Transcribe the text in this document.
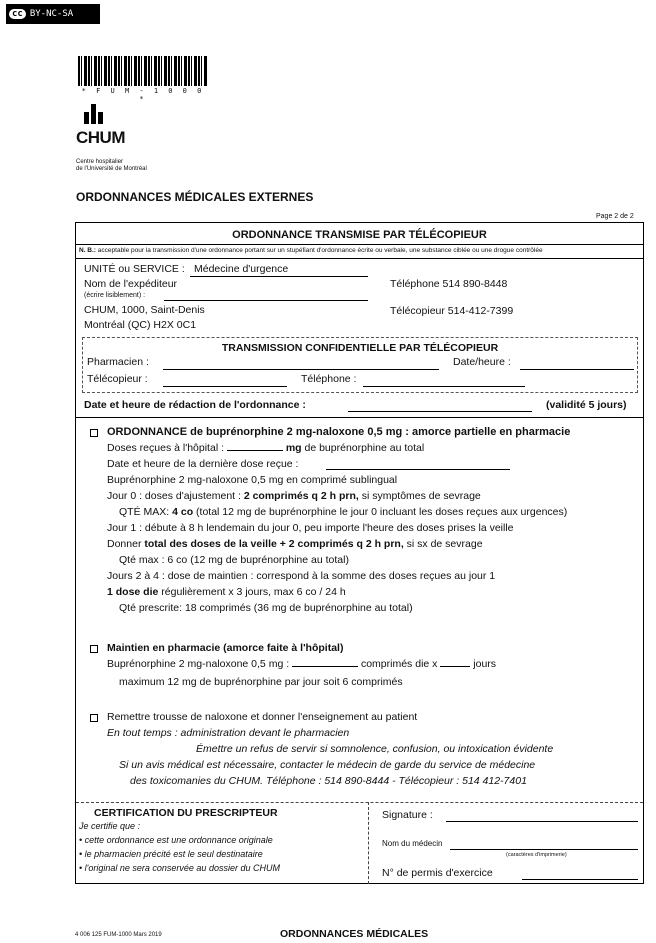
cc BY-NC-SA
* F U M - 1 0 0 0 *
CHUM
Centre hospitalier
de l'Université de Montréal
ORDONNANCES MÉDICALES EXTERNES
Page 2 de 2
ORDONNANCE TRANSMISE PAR TÉLÉCOPIEUR
N. B.: acceptable pour la transmission d'une ordonnance portant sur un stupéfiant d'ordonnance écrite ou verbale, une substance ciblée ou une drogue contrôlée
UNITÉ ou SERVICE : Médecine d'urgence
Nom de l'expéditeur
(écrire lisiblement) :
CHUM, 1000, Saint-Denis
Montréal (QC) H2X 0C1
Téléphone 514 890-8448
Télécopieur 514-412-7399
TRANSMISSION CONFIDENTIELLE PAR TÉLÉCOPIEUR
Pharmacien :	Date/heure :
Télécopieur :	Téléphone :
Date et heure de rédaction de l'ordonnance :	(validité 5 jours)
ORDONNANCE de buprénorphine 2 mg-naloxone 0,5 mg : amorce partielle en pharmacie
Doses reçues à l'hôpital :	mg de buprénorphine au total
Date et heure de la dernière dose reçue :
Buprénorphine 2 mg-naloxone 0,5 mg en comprimé sublingual
Jour 0 : doses d'ajustement : 2 comprimés q 2 h prn, si symptômes de sevrage
QTÉ MAX: 4 co (total 12 mg de buprénorphine le jour 0 incluant les doses reçues aux urgences)
Jour 1 : débute à 8 h lendemain du jour 0, peu importe l'heure des doses prises la veille
Donner total des doses de la veille + 2 comprimés q 2 h prn, si sx de sevrage
Qté max : 6 co (12 mg de buprénorphine au total)
Jours 2 à 4 : dose de maintien : correspond à la somme des doses reçues au jour 1
1 dose die régulièrement x 3 jours, max 6 co / 24 h
Qté prescrite: 18 comprimés (36 mg de buprénorphine au total)
Maintien en pharmacie (amorce faite à l'hôpital)
Buprénorphine 2 mg-naloxone 0,5 mg :	comprimés die x	jours
maximum 12 mg de buprénorphine par jour soit 6 comprimés
Remettre trousse de naloxone et donner l'enseignement au patient
En tout temps : administration devant le pharmacien
Émettre un refus de servir si somnolence, confusion, ou intoxication évidente
Si un avis médical est nécessaire, contacter le médecin de garde du service de médecine
des toxicomanies du CHUM. Téléphone : 514 890-8444 - Télécopieur : 514 412-7401
CERTIFICATION DU PRESCRIPTEUR
Je certifie que :
• cette ordonnance est une ordonnance originale
• le pharmacien précité est le seul destinataire
• l'original ne sera conservée au dossier du CHUM
Signature :
Nom du médecin
(caractères d'imprimerie)
N° de permis d'exercice
4 006 125 FUM-1000 Mars 2019	ORDONNANCES MÉDICALES
